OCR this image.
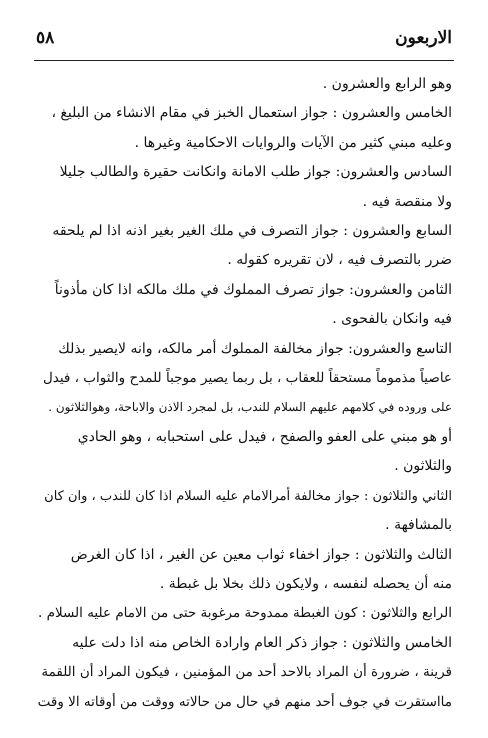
الاربعون
٥٨
وهو الرابع والعشرون .
الخامس والعشرون : جواز استعمال الخبز في مقام الانشاء من البليغ ،
وعليه مبني كثير من الآيات والروايات الاحكامية وغيرها .
السادس والعشرون: جواز طلب الامانة وانكانت حقيرة والطالب جليلا
ولا منقصة فيه .
السابع والعشرون : جواز التصرف في ملك الغير بغير اذنه اذا لم يلحقه
ضرر بالتصرف فيه ، لان تقريره كقوله .
الثامن والعشرون: جواز تصرف المملوك في ملك مالكه اذا كان مأذوناً
فيه وانكان بالفحوى .
التاسع والعشرون: جواز مخالفة المملوك أمر مالكه، وانه لايصير بذلك
عاصياً مذموماً مستحقاً للعقاب ، بل ربما يصير موجباً للمدح والثواب ، فيدل
على وروده في كلامهم عليهم السلام للندب، بل لمجرد الاذن والاباحة، وهوالثلاثون .
أو هو مبني على العفو والصفح ، فيدل على استحبابه ، وهو الحادي
والثلاثون .
الثاني والثلاثون : جواز مخالفة أمرالامام عليه السلام اذا كان للندب ، وان كان
بالمشافهة .
الثالث والثلاثون : جواز اخفاء ثواب معين عن الغير ، اذا كان الغرض
منه أن يحصله لنفسه ، ولايكون ذلك بخلا بل غبطة .
الرابع والثلاثون : كون الغبطة ممدوحة مرغوبة حتى من الامام عليه السلام .
الخامس والثلاثون : جواز ذكر العام وارادة الخاص منه اذا دلت عليه
قرينة ، ضرورة أن المراد بالاحد أحد من المؤمنين ، فيكون المراد أن اللقمة
مااستقرت في جوف أحد منهم في حال من حالاته ووقت من أوقاته الا وقت
